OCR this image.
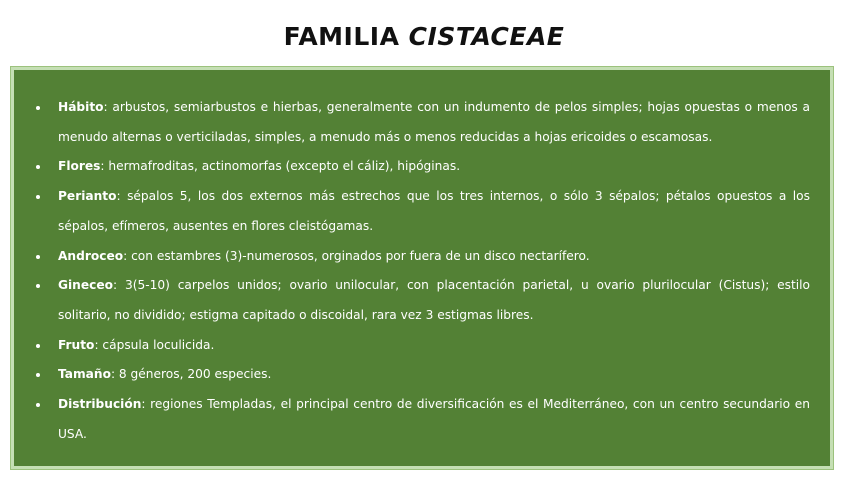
FAMILIA CISTACEAE
Hábito: arbustos, semiarbustos e hierbas, generalmente con un indumento de pelos simples; hojas opuestas o menos a menudo alternas o verticiladas, simples, a menudo más o menos reducidas a hojas ericoides o escamosas.
Flores: hermafroditas, actinomorfas (excepto el cáliz), hipóginas.
Perianto: sépalos 5, los dos externos más estrechos que los tres internos, o sólo 3 sépalos; pétalos opuestos a los sépalos, efímeros, ausentes en flores cleistógamas.
Androceo: con estambres (3)-numerosos, orginados por fuera de un disco nectarífero.
Gineceo: 3(5-10) carpelos unidos; ovario unilocular, con placentación parietal, u ovario plurilocular (Cistus); estilo solitario, no dividido; estigma capitado o discoidal, rara vez 3 estigmas libres.
Fruto: cápsula loculicida.
Tamaño: 8 géneros, 200 especies.
Distribución: regiones Templadas, el principal centro de diversificación es el Mediterráneo, con un centro secundario en USA.
